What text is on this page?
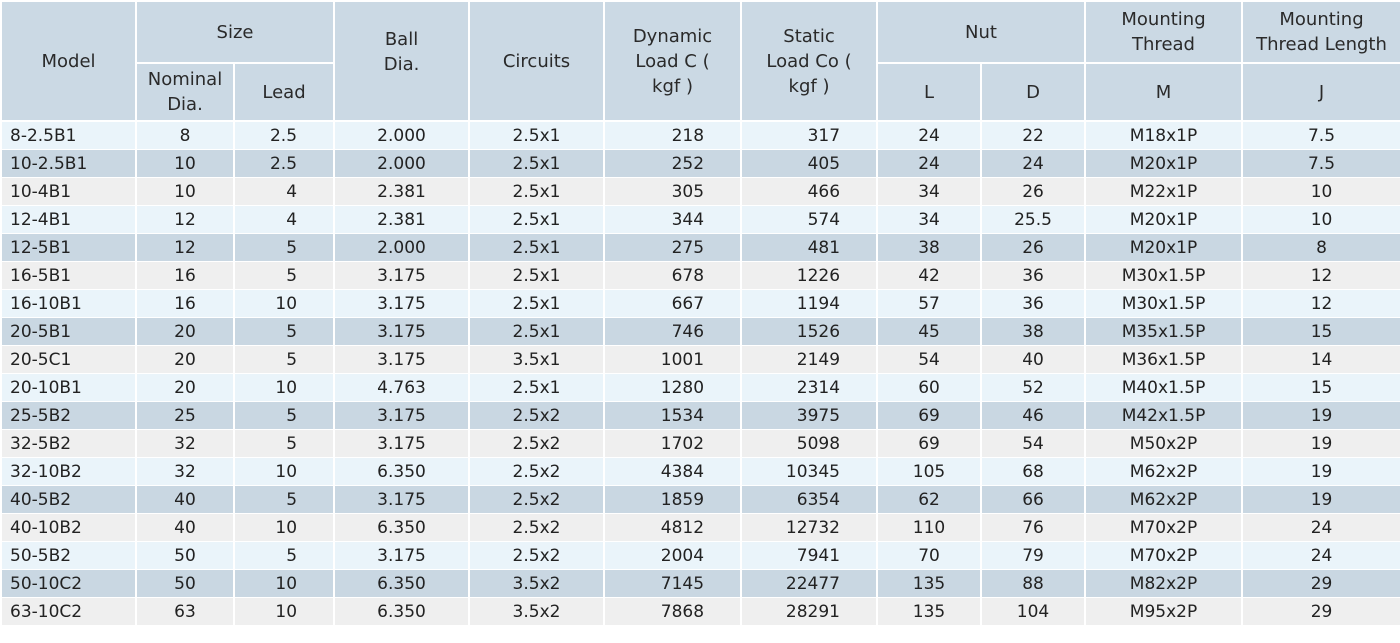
Model	Size		Ball Dia.	Circuits	Dynamic Load C ( kgf )	Static Load Co ( kgf )	Nut		Mounting Thread	Mounting Thread Length

	Nominal Dia.	Lead					L	D	M	J
8-2.5B1	8	2.5	2.000	2.5x1	218	317	24	22	M18x1P	7.5
10-2.5B1	10	2.5	2.000	2.5x1	252	405	24	24	M20x1P	7.5
10-4B1	10	4	2.381	2.5x1	305	466	34	26	M22x1P	10
12-4B1	12	4	2.381	2.5x1	344	574	34	25.5	M20x1P	10
12-5B1	12	5	2.000	2.5x1	275	481	38	26	M20x1P	8
16-5B1	16	5	3.175	2.5x1	678	1226	42	36	M30x1.5P	12
16-10B1	16	10	3.175	2.5x1	667	1194	57	36	M30x1.5P	12
20-5B1	20	5	3.175	2.5x1	746	1526	45	38	M35x1.5P	15
20-5C1	20	5	3.175	3.5x1	1001	2149	54	40	M36x1.5P	14
20-10B1	20	10	4.763	2.5x1	1280	2314	60	52	M40x1.5P	15
25-5B2	25	5	3.175	2.5x2	1534	3975	69	46	M42x1.5P	19
32-5B2	32	5	3.175	2.5x2	1702	5098	69	54	M50x2P	19
32-10B2	32	10	6.350	2.5x2	4384	10345	105	68	M62x2P	19
40-5B2	40	5	3.175	2.5x2	1859	6354	62	66	M62x2P	19
40-10B2	40	10	6.350	2.5x2	4812	12732	110	76	M70x2P	24
50-5B2	50	5	3.175	2.5x2	2004	7941	70	79	M70x2P	24
50-10C2	50	10	6.350	3.5x2	7145	22477	135	88	M82x2P	29
63-10C2	63	10	6.350	3.5x2	7868	28291	135	104	M95x2P	29
